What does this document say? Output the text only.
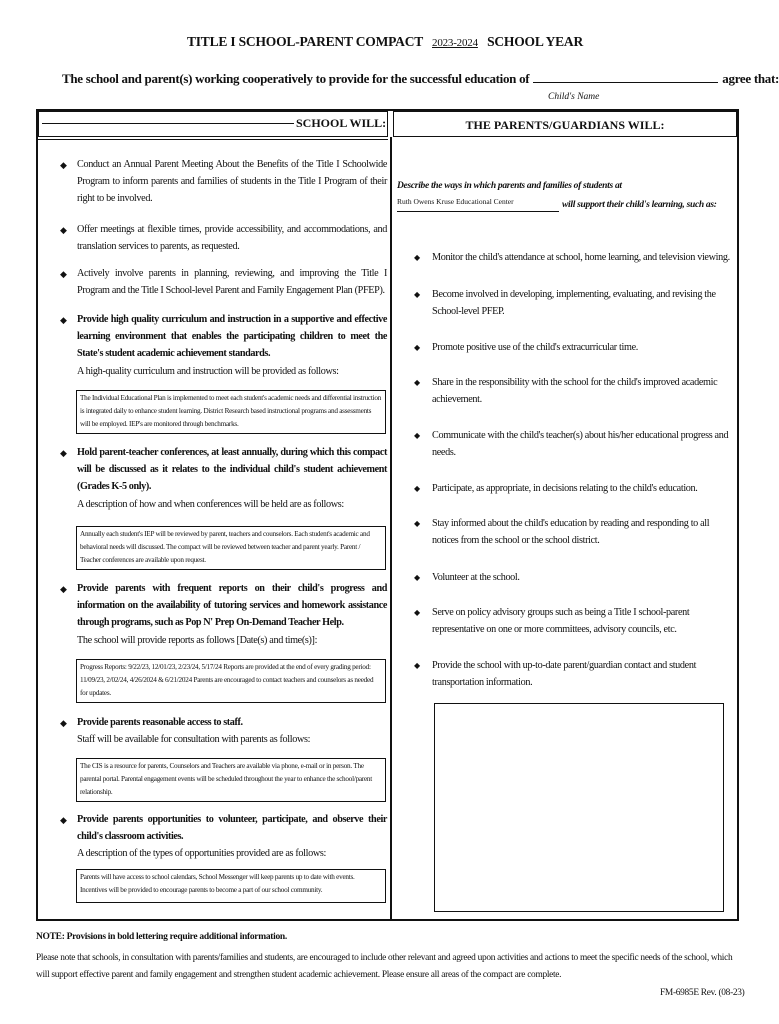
TITLE I SCHOOL-PARENT COMPACT 2023-2024 SCHOOL YEAR
The school and parent(s) working cooperatively to provide for the successful education of	agree that:
Child's Name
SCHOOL WILL:	THE PARENTS/GUARDIANS WILL:
◆ Conduct an Annual Parent Meeting About the Benefits of the Title I Schoolwide Program to inform parents and families of students in the Title I Program of their right to be involved.
◆ Offer meetings at flexible times, provide accessibility, and accommodations, and translation services to parents, as requested.
◆ Actively involve parents in planning, reviewing, and improving the Title I Program and the Title I School-level Parent and Family Engagement Plan (PFEP).
◆ Provide high quality curriculum and instruction in a supportive and effective learning environment that enables the participating children to meet the State's student academic achievement standards.
A high-quality curriculum and instruction will be provided as follows:
The Individual Educational Plan is implemented to meet each student's academic needs and differential instruction is integrated daily to enhance student learning. District Research based instructional programs and assessments will be employed. IEP's are monitored through benchmarks.
◆ Hold parent-teacher conferences, at least annually, during which this compact will be discussed as it relates to the individual child's student achievement (Grades K-5 only).
A description of how and when conferences will be held are as follows:
Annually each student's IEP will be reviewed by parent, teachers and counselors. Each student's academic and behavioral needs will discussed. The compact will be reviewed between teacher and parent yearly. Parent / Teacher conferences are available upon request.
◆ Provide parents with frequent reports on their child's progress and information on the availability of tutoring services and homework assistance through programs, such as Pop N' Prep On-Demand Teacher Help.
The school will provide reports as follows [Date(s) and time(s)]:
Progress Reports: 9/22/23, 12/01/23, 2/23/24, 5/17/24 Reports are provided at the end of every grading period: 11/09/23, 2/02/24, 4/26/2024 & 6/21/2024 Parents are encouraged to contact teachers and counselors as needed for updates.
◆ Provide parents reasonable access to staff.
Staff will be available for consultation with parents as follows:
The CIS is a resource for parents, Counselors and Teachers are available via phone, e-mail or in person. The parental portal. Parental engagement events will be scheduled throughout the year to enhance the school/parent relationship.
◆ Provide parents opportunities to volunteer, participate, and observe their child's classroom activities.
A description of the types of opportunities provided are as follows:
Parents will have access to school calendars, School Messenger will keep parents up to date with events. Incentives will be provided to encourage parents to become a part of our school community.
Describe the ways in which parents and families of students at
Ruth Owens Kruse Educational Center	will support their child's learning, such as:
◆ Monitor the child's attendance at school, home learning, and television viewing.
◆ Become involved in developing, implementing, evaluating, and revising the School-level PFEP.
◆ Promote positive use of the child's extracurricular time.
◆ Share in the responsibility with the school for the child's improved academic achievement.
◆ Communicate with the child's teacher(s) about his/her educational progress and needs.
◆ Participate, as appropriate, in decisions relating to the child's education.
◆ Stay informed about the child's education by reading and responding to all notices from the school or the school district.
◆ Volunteer at the school.
◆ Serve on policy advisory groups such as being a Title I school-parent representative on one or more committees, advisory councils, etc.
◆ Provide the school with up-to-date parent/guardian contact and student transportation information.
NOTE: Provisions in bold lettering require additional information.
Please note that schools, in consultation with parents/families and students, are encouraged to include other relevant and agreed upon activities and actions to meet the specific needs of the school, which will support effective parent and family engagement and strengthen student academic achievement. Please ensure all areas of the compact are complete.
FM-6985E Rev. (08-23)
